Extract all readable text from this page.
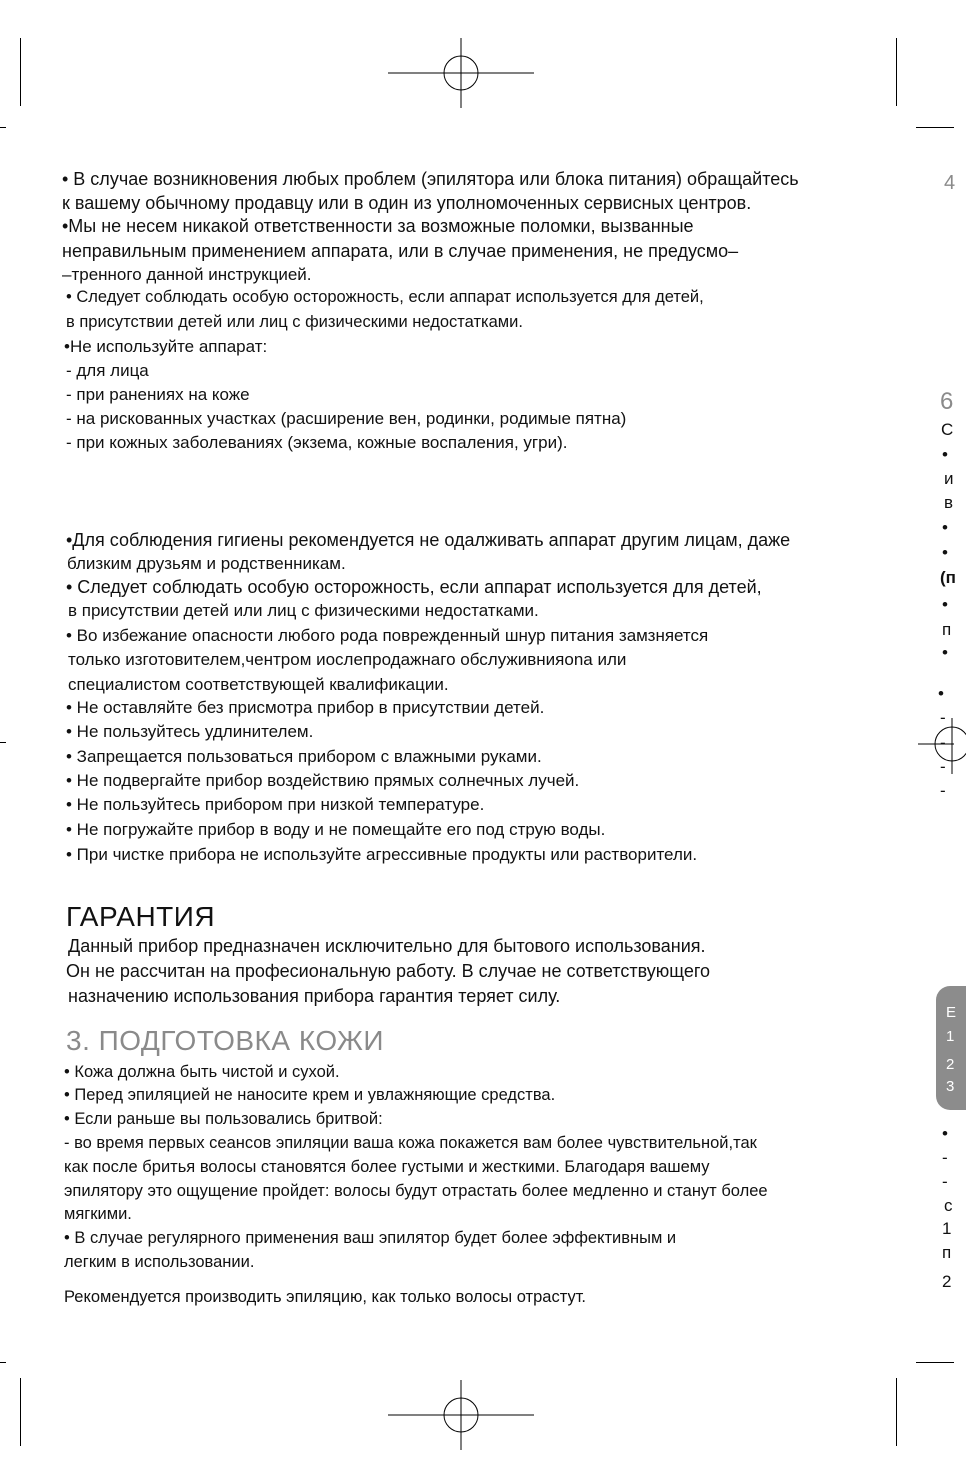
• В случае возникновения любых проблем (эпилятора или блока питания) обращайтесь
к вашему обычному продавцу или в один из уполномоченных сервисных центров.
•Мы не несем никакой ответственности за возможные поломки, вызванные
неправильным применением аппарата, или в случае применения, не предусмо–
–тренного данной инструкцией.
• Следует соблюдать особую осторожность, если аппарат используется для детей,
в присутствии детей или лиц с физическими недостатками.
•Не используйте аппарат:
- для лица
- при ранениях на коже
- на рискованных участках (расширение вен, родинки, родимые пятна)
- при кожных заболеваниях (экзема, кожные воспаления, угри).
•Для соблюдения гигиены рекомендуется не одалживать аппарат другим лицам, даже
близким друзьям и родственникам.
• Следует соблюдать особую осторожность, если аппарат используется для детей,
в присутствии детей или лиц с физическими недостатками.
• Во избежание опасности любого рода поврежденный шнур питания замзняется
только изготовителем,чентром иослепродажнаго обслуживнияona или
специалистом соответствующей квалификации.
• Не оставляйте без присмотра прибор в присутствии детей.
• Не пользуйтесь удлинителем.
• Запрещается пользоваться прибором с влажными руками.
• Не подвергайте прибор воздействию прямых солнечных лучей.
• Не пользуйтесь прибором при низкой температуре.
• Не погружайте прибор в воду и не помещайте его под струю воды.
• При чистке прибора не используйте агрессивные продукты или растворители.
ГАРАНТИЯ
Данный прибор предназначен исключительно для бытового использования.
Он не рассчитан на професиональную работу. В случае не сответствующего
назначению использования прибора гарантия теряет силу.
3. ПОДГОТОВКА КОЖИ
• Кожа должна быть чистой и сухой.
• Перед эпиляцией не наносите крем и увлажняющие средства.
• Если раньше вы пользовались бритвой:
- во время первых сеансов эпиляции ваша кожа покажется вам более чувствительной,так
как после бритья волосы становятся более густыми и жесткими. Благодаря вашему
эпилятору это ощущение пройдет: волосы будут отрастать более медленно и станут более
мягкими.
• В случае регулярного применения ваш эпилятор будет более эффективным и
легким в использовании.
Рекомендуется производить эпиляцию, как только волосы отрастут.
4
6
С
•
и
в
•
•
(п
•
п
•
•
-
-
-
-
Е
1
2
3
•
-
-
с
1
п
2
